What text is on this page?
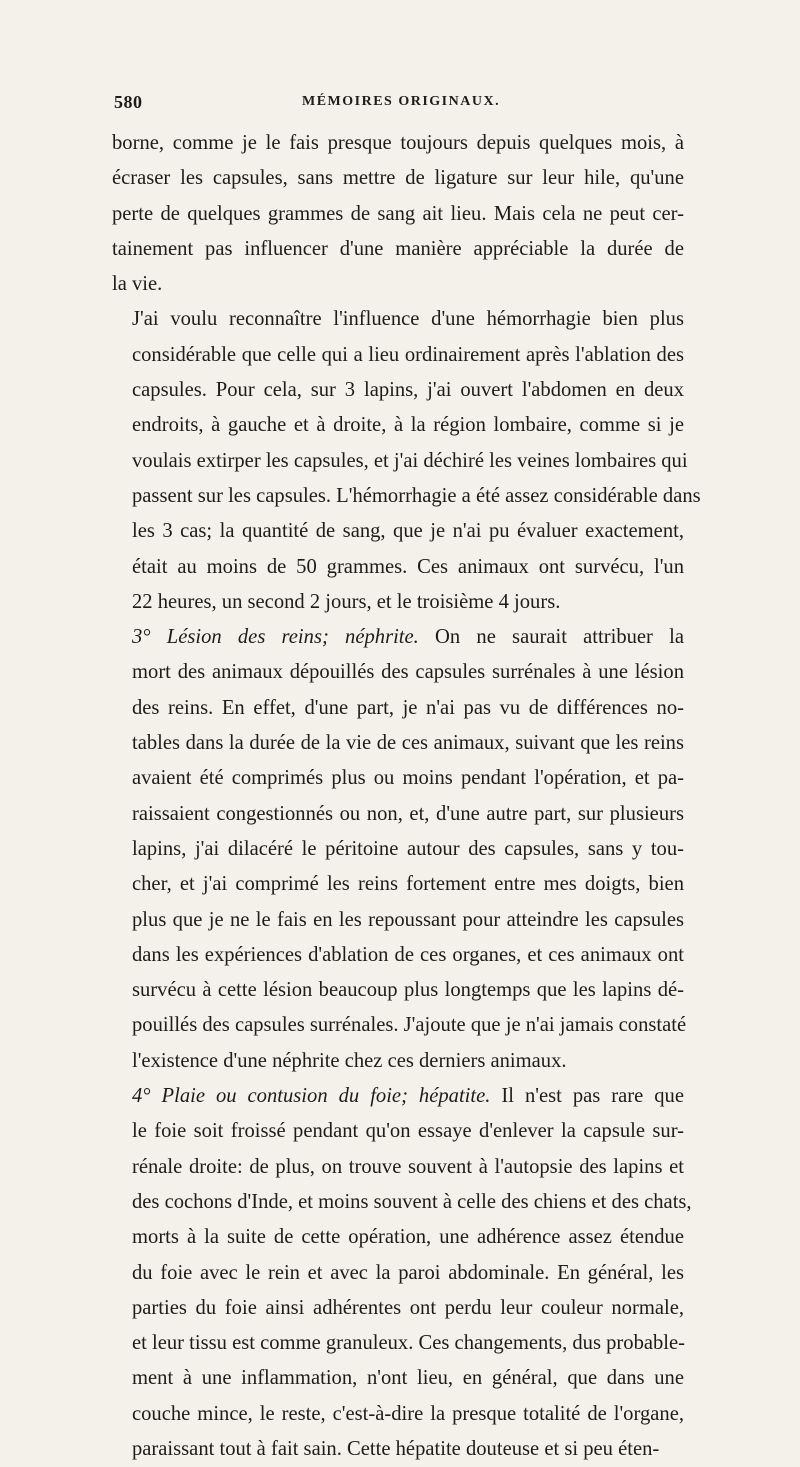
580	MÉMOIRES ORIGINAUX.

borne, comme je le fais presque toujours depuis quelques mois, à
écraser les capsules, sans mettre de ligature sur leur hile, qu'une
perte de quelques grammes de sang ait lieu. Mais cela ne peut cer-
tainement pas influencer d'une manière appréciable la durée de
la vie.

J'ai voulu reconnaître l'influence d'une hémorrhagie bien plus
considérable que celle qui a lieu ordinairement après l'ablation des
capsules. Pour cela, sur 3 lapins, j'ai ouvert l'abdomen en deux
endroits, à gauche et à droite, à la région lombaire, comme si je
voulais extirper les capsules, et j'ai déchiré les veines lombaires qui
passent sur les capsules. L'hémorrhagie a été assez considérable dans
les 3 cas; la quantité de sang, que je n'ai pu évaluer exactement,
était au moins de 50 grammes. Ces animaux ont survécu, l'un
22 heures, un second 2 jours, et le troisième 4 jours.

3° Lésion des reins; néphrite. On ne saurait attribuer la
mort des animaux dépouillés des capsules surrénales à une lésion
des reins. En effet, d'une part, je n'ai pas vu de différences no-
tables dans la durée de la vie de ces animaux, suivant que les reins
avaient été comprimés plus ou moins pendant l'opération, et pa-
raissaient congestionnés ou non, et, d'une autre part, sur plusieurs
lapins, j'ai dilacéré le péritoine autour des capsules, sans y tou-
cher, et j'ai comprimé les reins fortement entre mes doigts, bien
plus que je ne le fais en les repoussant pour atteindre les capsules
dans les expériences d'ablation de ces organes, et ces animaux ont
survécu à cette lésion beaucoup plus longtemps que les lapins dé-
pouillés des capsules surrénales. J'ajoute que je n'ai jamais constaté
l'existence d'une néphrite chez ces derniers animaux.

4° Plaie ou contusion du foie; hépatite. Il n'est pas rare que
le foie soit froissé pendant qu'on essaye d'enlever la capsule sur-
rénale droite: de plus, on trouve souvent à l'autopsie des lapins et
des cochons d'Inde, et moins souvent à celle des chiens et des chats,
morts à la suite de cette opération, une adhérence assez étendue
du foie avec le rein et avec la paroi abdominale. En général, les
parties du foie ainsi adhérentes ont perdu leur couleur normale,
et leur tissu est comme granuleux. Ces changements, dus probable-
ment à une inflammation, n'ont lieu, en général, que dans une
couche mince, le reste, c'est-à-dire la presque totalité de l'organe,
paraissant tout à fait sain. Cette hépatite douteuse et si peu éten-
